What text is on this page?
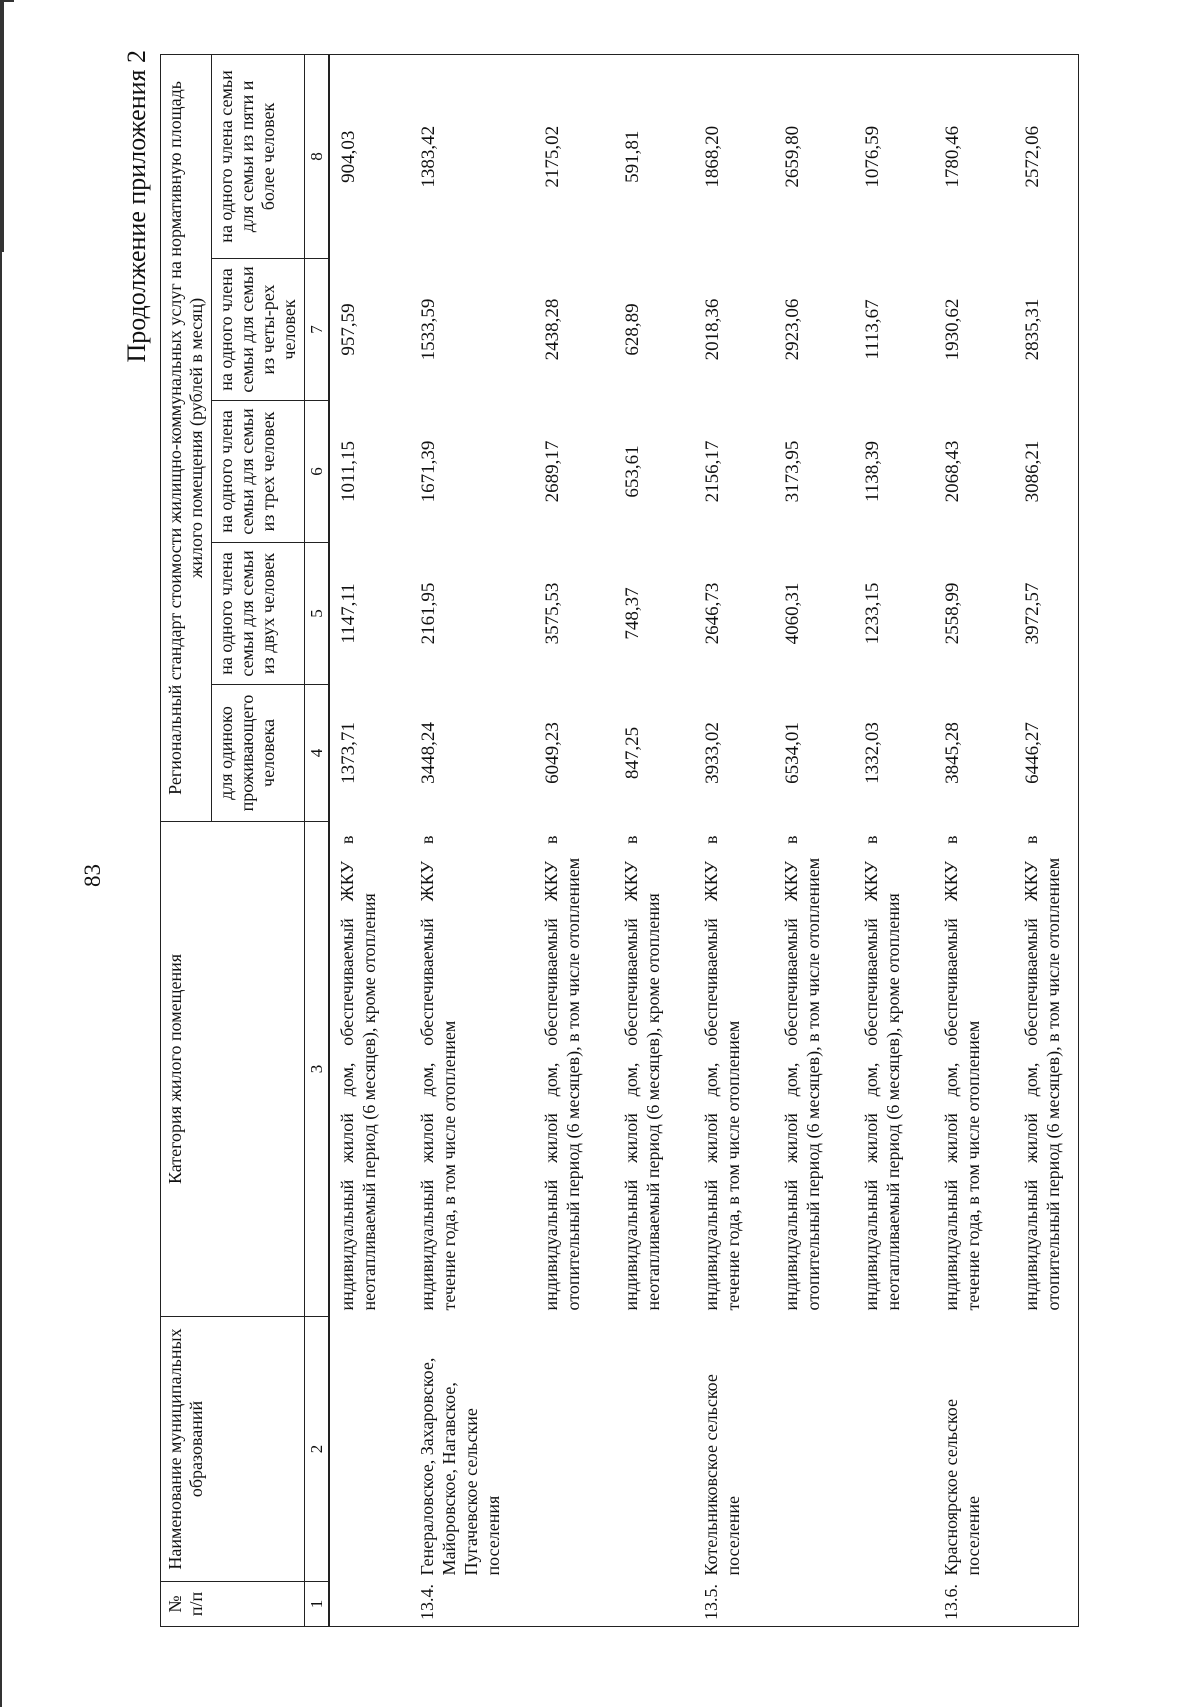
83
Продолжение приложения 2
№ п/п	Наименование муниципальных образований	Категория жилого помещения	Региональный стандарт стоимости жилищно-коммунальных услуг на нормативную площадь жилого помещения (рублей в месяц)				
			для одиноко проживающего человека	на одного члена семьи для семьи из двух человек	на одного члена семьи для семьи из трех человек	на одного члена семьи для семьи из четы-рех человек	на одного члена семьи для семьи из пяти и более человек
1	2	3	4	5	6	7	8
		индивидуальный жилой дом, обеспечиваемый ЖКУ в неотапливаемый период (6 месяцев), кроме отопления	1373,71	1147,11	1011,15	957,59	904,03
13.4.	Генераловское, Захаровское, Майоровское, Нагавское, Пугачевское сельские поселения	индивидуальный жилой дом, обеспечиваемый ЖКУ в течение года, в том числе отоплением	3448,24	2161,95	1671,39	1533,59	1383,42
		индивидуальный жилой дом, обеспечиваемый ЖКУ в отопительный период (6 месяцев), в том числе отоплением	6049,23	3575,53	2689,17	2438,28	2175,02
		индивидуальный жилой дом, обеспечиваемый ЖКУ в неотапливаемый период (6 месяцев), кроме отопления	847,25	748,37	653,61	628,89	591,81
13.5.	Котельниковское сельское поселение	индивидуальный жилой дом, обеспечиваемый ЖКУ в течение года, в том числе отоплением	3933,02	2646,73	2156,17	2018,36	1868,20
		индивидуальный жилой дом, обеспечиваемый ЖКУ в отопительный период (6 месяцев), в том числе отоплением	6534,01	4060,31	3173,95	2923,06	2659,80
		индивидуальный жилой дом, обеспечиваемый ЖКУ в неотапливаемый период (6 месяцев), кроме отопления	1332,03	1233,15	1138,39	1113,67	1076,59
13.6.	Красноярское сельское поселение	индивидуальный жилой дом, обеспечиваемый ЖКУ в течение года, в том числе отоплением	3845,28	2558,99	2068,43	1930,62	1780,46
		индивидуальный жилой дом, обеспечиваемый ЖКУ в отопительный период (6 месяцев), в том числе отоплением	6446,27	3972,57	3086,21	2835,31	2572,06
